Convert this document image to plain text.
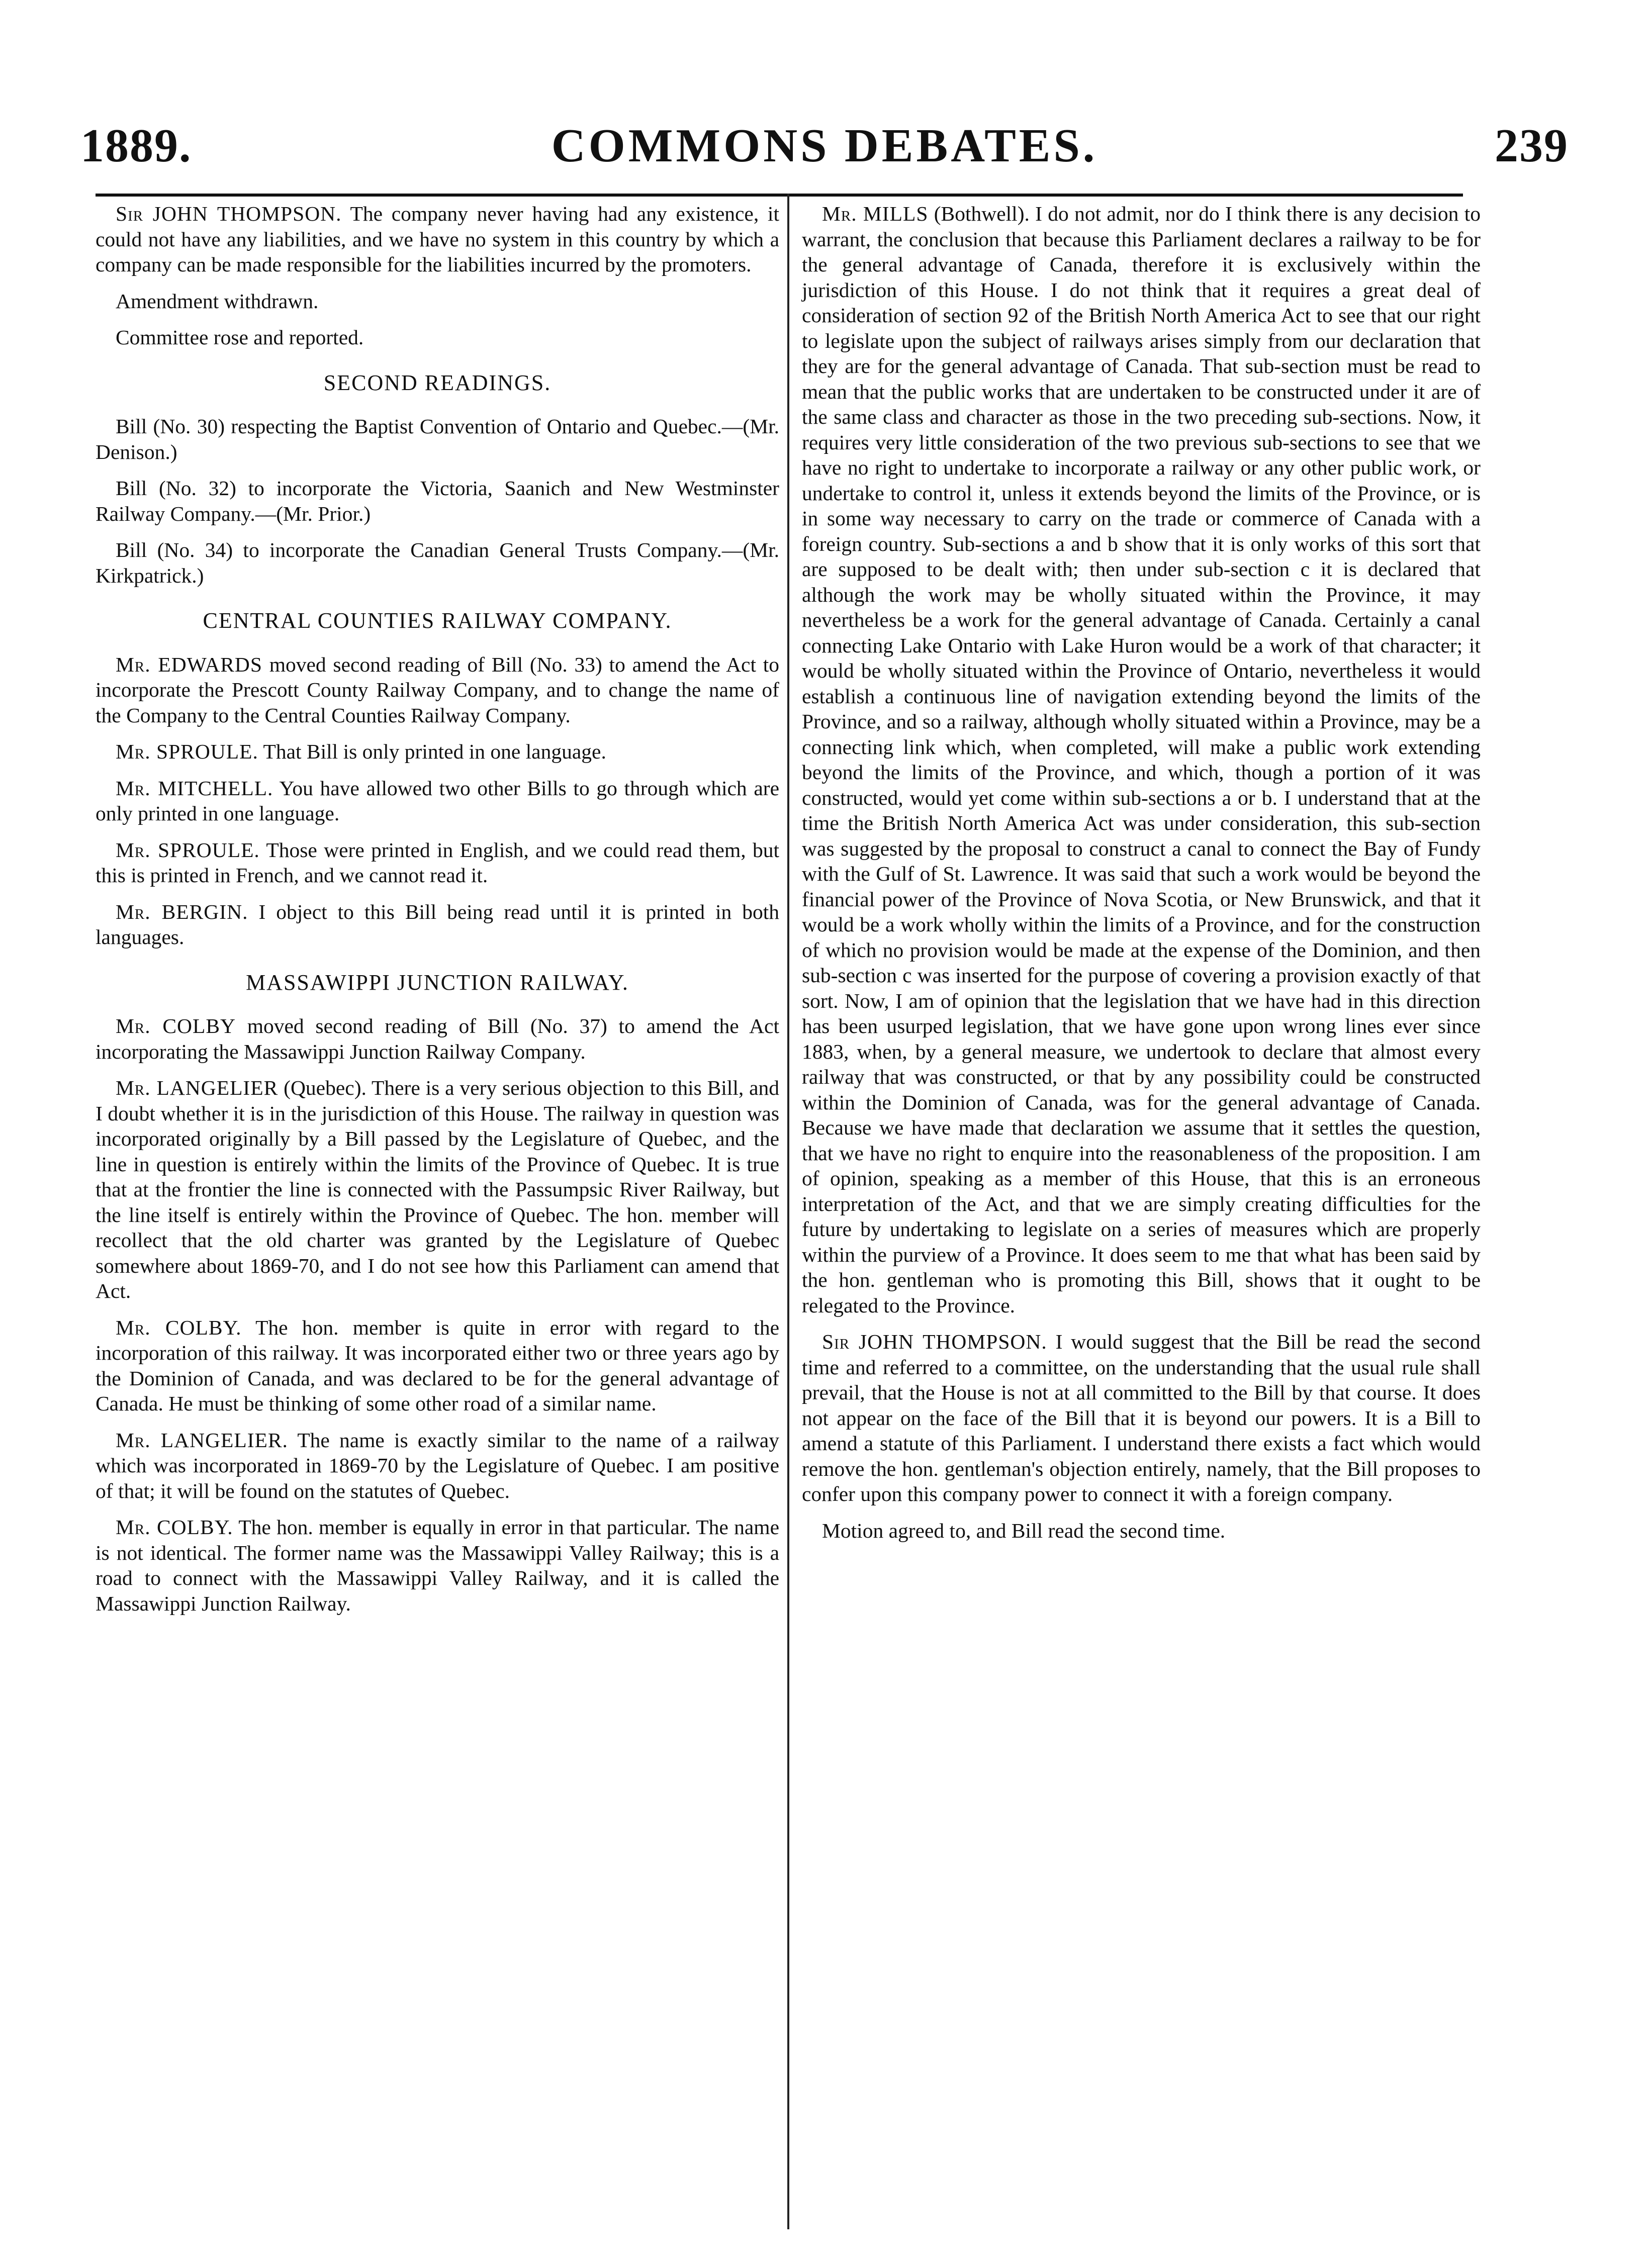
1889.	COMMONS DEBATES.	239

Sir JOHN THOMPSON. The company never having had any existence, it could not have any liabilities, and we have no system in this country by which a company can be made responsible for the liabilities incurred by the promoters.

Amendment withdrawn.

Committee rose and reported.

SECOND READINGS.

Bill (No. 30) respecting the Baptist Convention of Ontario and Quebec.—(Mr. Denison.)

Bill (No. 32) to incorporate the Victoria, Saanich and New Westminster Railway Company.—(Mr. Prior.)

Bill (No. 34) to incorporate the Canadian General Trusts Company.—(Mr. Kirkpatrick.)

CENTRAL COUNTIES RAILWAY COMPANY.

Mr. EDWARDS moved second reading of Bill (No. 33) to amend the Act to incorporate the Prescott County Railway Company, and to change the name of the Company to the Central Counties Railway Company.

Mr. SPROULE. That Bill is only printed in one language.

Mr. MITCHELL. You have allowed two other Bills to go through which are only printed in one language.

Mr. SPROULE. Those were printed in English, and we could read them, but this is printed in French, and we cannot read it.

Mr. BERGIN. I object to this Bill being read until it is printed in both languages.

MASSAWIPPI JUNCTION RAILWAY.

Mr. COLBY moved second reading of Bill (No. 37) to amend the Act incorporating the Massawippi Junction Railway Company.

Mr. LANGELIER (Quebec). There is a very serious objection to this Bill, and I doubt whether it is in the jurisdiction of this House. The railway in question was incorporated originally by a Bill passed by the Legislature of Quebec, and the line in question is entirely within the limits of the Province of Quebec. It is true that at the frontier the line is connected with the Passumpsic River Railway, but the line itself is entirely within the Province of Quebec. The hon. member will recollect that the old charter was granted by the Legislature of Quebec somewhere about 1869-70, and I do not see how this Parliament can amend that Act.

Mr. COLBY. The hon. member is quite in error with regard to the incorporation of this railway. It was incorporated either two or three years ago by the Dominion of Canada, and was declared to be for the general advantage of Canada. He must be thinking of some other road of a similar name.

Mr. LANGELIER. The name is exactly similar to the name of a railway which was incorporated in 1869-70 by the Legislature of Quebec. I am positive of that; it will be found on the statutes of Quebec.

Mr. COLBY. The hon. member is equally in error in that particular. The name is not identical. The former name was the Massawippi Valley Railway; this is a road to connect with the Massawippi Valley Railway, and it is called the Massawippi Junction Railway.

Mr. MILLS (Bothwell). I do not admit, nor do I think there is any decision to warrant, the conclusion that because this Parliament declares a railway to be for the general advantage of Canada, therefore it is exclusively within the jurisdiction of this House. I do not think that it requires a great deal of consideration of section 92 of the British North America Act to see that our right to legislate upon the subject of railways arises simply from our declaration that they are for the general advantage of Canada. That sub-section must be read to mean that the public works that are undertaken to be constructed under it are of the same class and character as those in the two preceding sub-sections. Now, it requires very little consideration of the two previous sub-sections to see that we have no right to undertake to incorporate a railway or any other public work, or undertake to control it, unless it extends beyond the limits of the Province, or is in some way necessary to carry on the trade or commerce of Canada with a foreign country. Sub-sections a and b show that it is only works of this sort that are supposed to be dealt with; then under sub-section c it is declared that although the work may be wholly situated within the Province, it may nevertheless be a work for the general advantage of Canada. Certainly a canal connecting Lake Ontario with Lake Huron would be a work of that character; it would be wholly situated within the Province of Ontario, nevertheless it would establish a continuous line of navigation extending beyond the limits of the Province, and so a railway, although wholly situated within a Province, may be a connecting link which, when completed, will make a public work extending beyond the limits of the Province, and which, though a portion of it was constructed, would yet come within sub-sections a or b. I understand that at the time the British North America Act was under consideration, this sub-section was suggested by the proposal to construct a canal to connect the Bay of Fundy with the Gulf of St. Lawrence. It was said that such a work would be beyond the financial power of the Province of Nova Scotia, or New Brunswick, and that it would be a work wholly within the limits of a Province, and for the construction of which no provision would be made at the expense of the Dominion, and then sub-section c was inserted for the purpose of covering a provision exactly of that sort. Now, I am of opinion that the legislation that we have had in this direction has been usurped legislation, that we have gone upon wrong lines ever since 1883, when, by a general measure, we undertook to declare that almost every railway that was constructed, or that by any possibility could be constructed within the Dominion of Canada, was for the general advantage of Canada. Because we have made that declaration we assume that it settles the question, that we have no right to enquire into the reasonableness of the proposition. I am of opinion, speaking as a member of this House, that this is an erroneous interpretation of the Act, and that we are simply creating difficulties for the future by undertaking to legislate on a series of measures which are properly within the purview of a Province. It does seem to me that what has been said by the hon. gentleman who is promoting this Bill, shows that it ought to be relegated to the Province.

Sir JOHN THOMPSON. I would suggest that the Bill be read the second time and referred to a committee, on the understanding that the usual rule shall prevail, that the House is not at all committed to the Bill by that course. It does not appear on the face of the Bill that it is beyond our powers. It is a Bill to amend a statute of this Parliament. I understand there exists a fact which would remove the hon. gentleman's objection entirely, namely, that the Bill proposes to confer upon this company power to connect it with a foreign company.

Motion agreed to, and Bill read the second time.
